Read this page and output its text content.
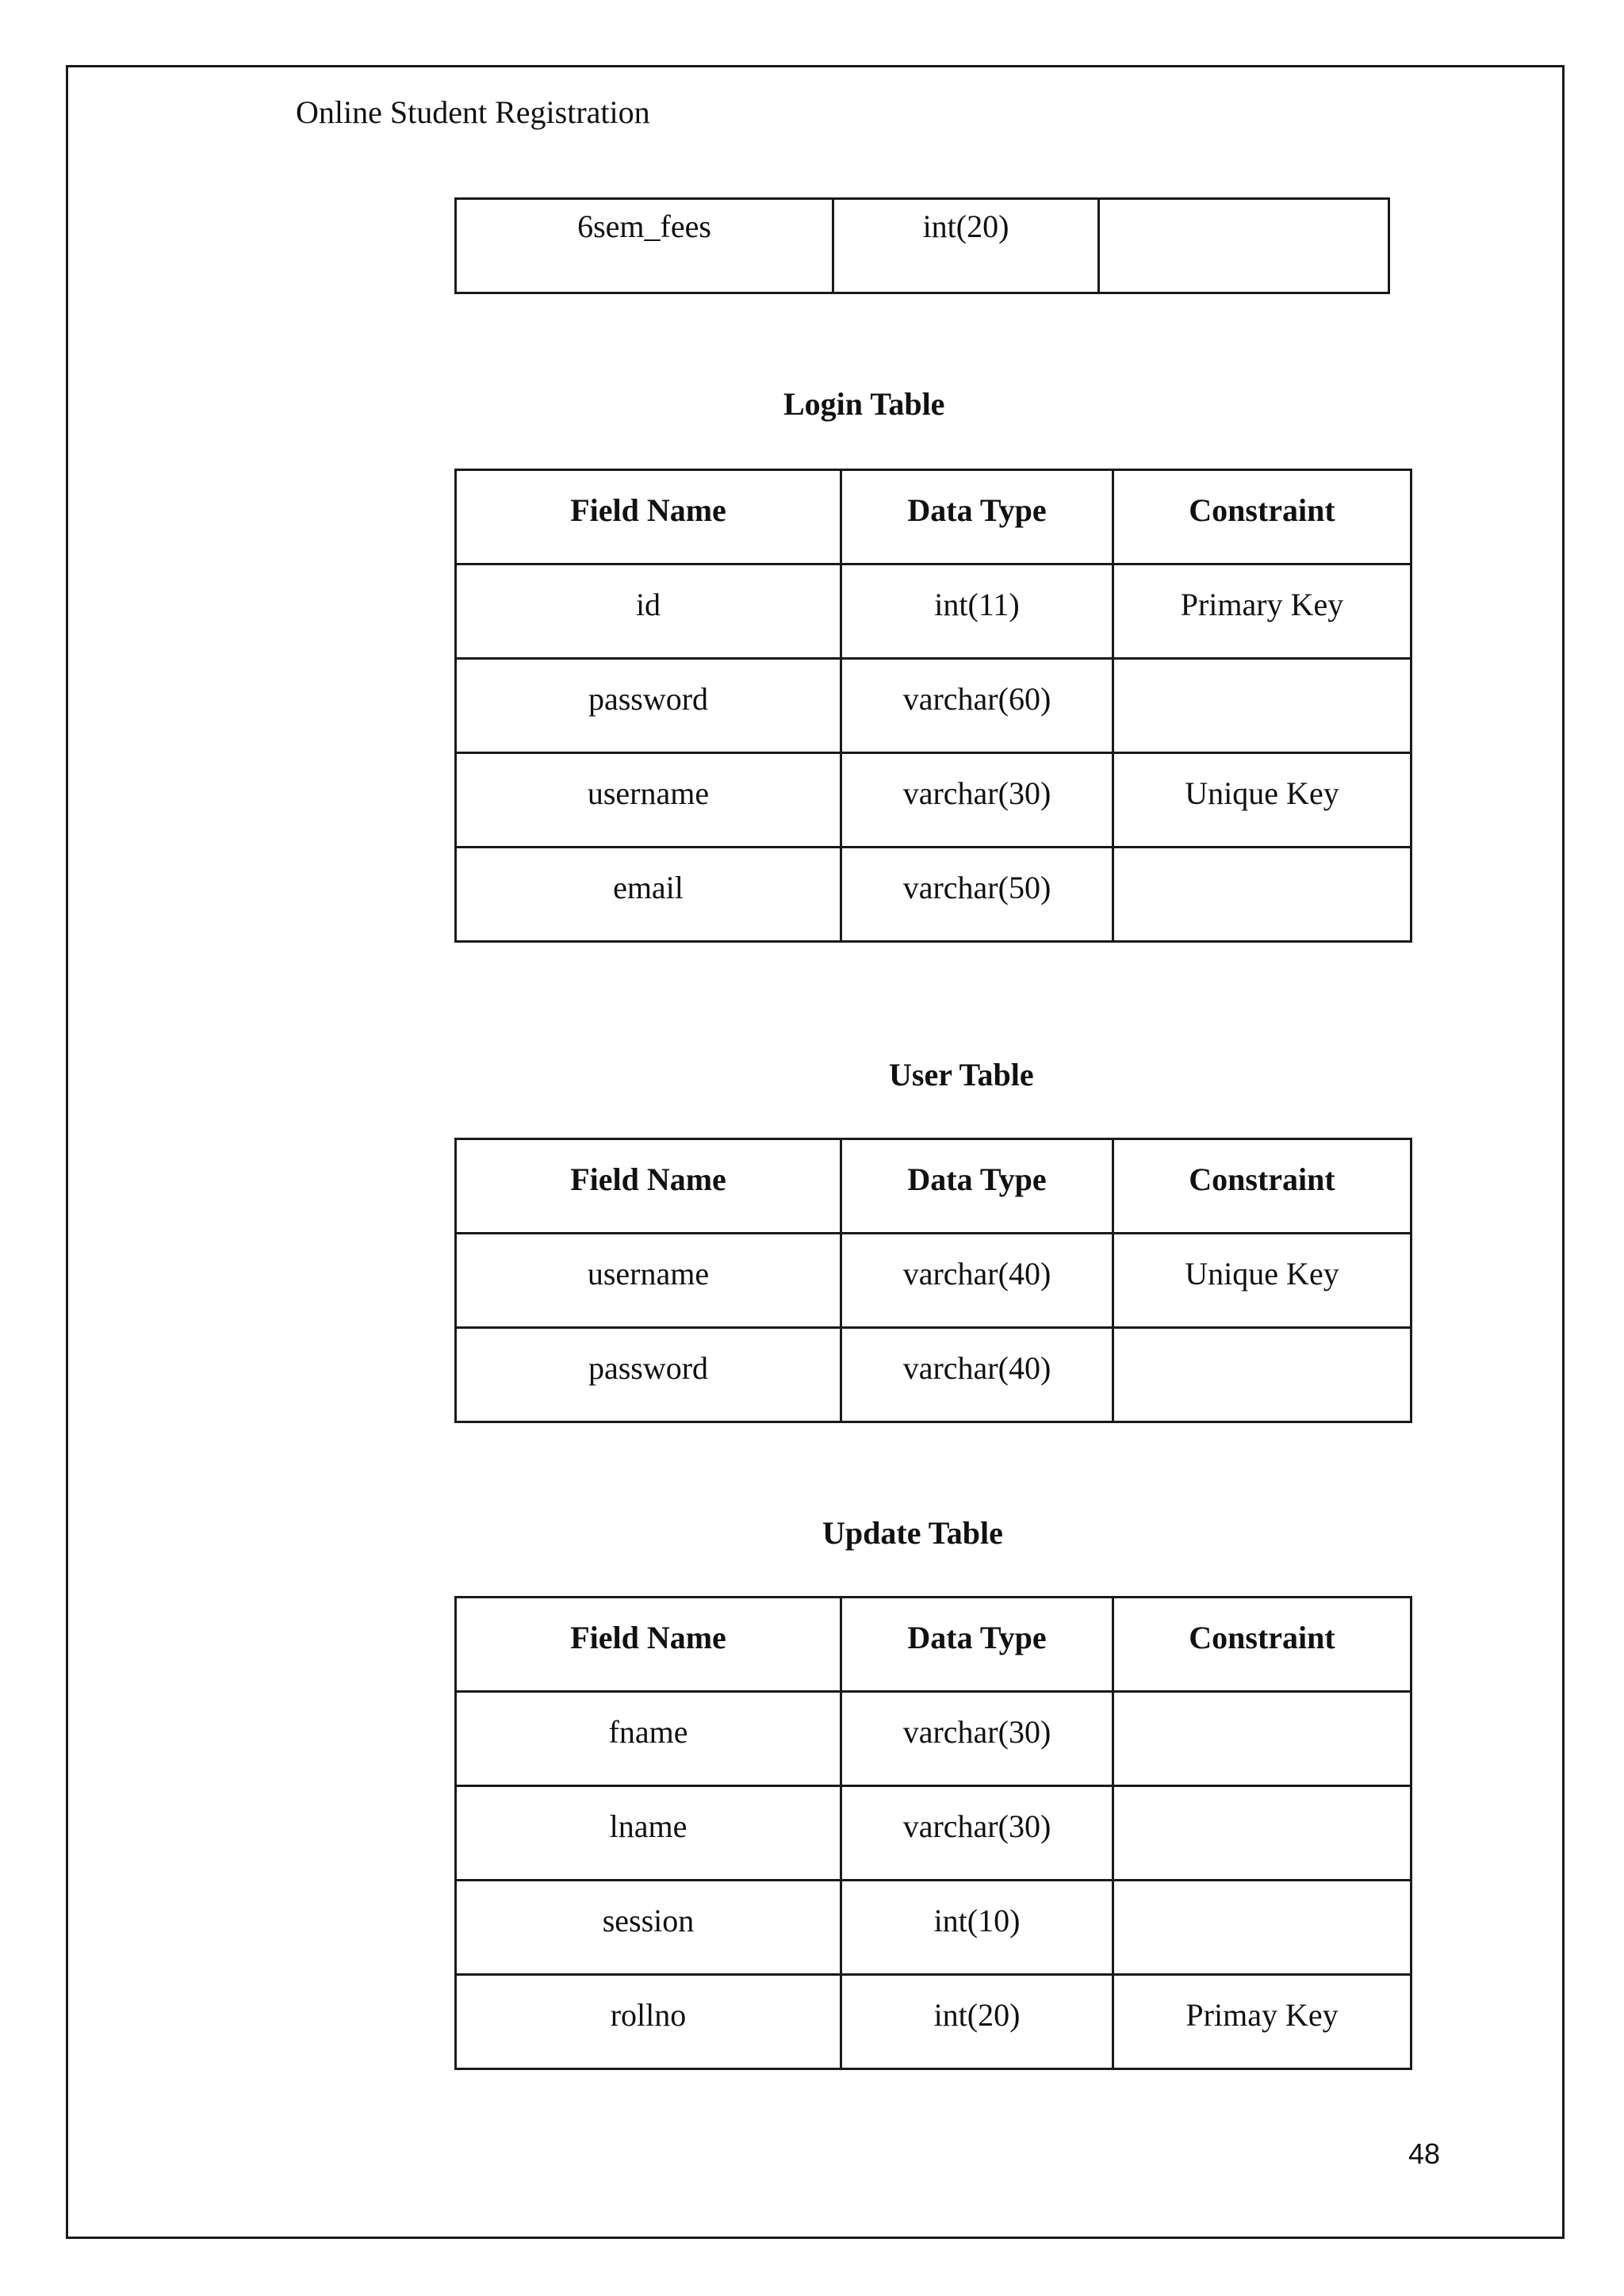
Online Student Registration
6sem_fees	int(20)	
Login Table
Field Name	Data Type	Constraint
id	int(11)	Primary Key
password	varchar(60)	
username	varchar(30)	Unique Key
email	varchar(50)	
User Table
Field Name	Data Type	Constraint
username	varchar(40)	Unique Key
password	varchar(40)	
Update Table
Field Name	Data Type	Constraint
fname	varchar(30)	
lname	varchar(30)	
session	int(10)	
rollno	int(20)	Primay Key
48
